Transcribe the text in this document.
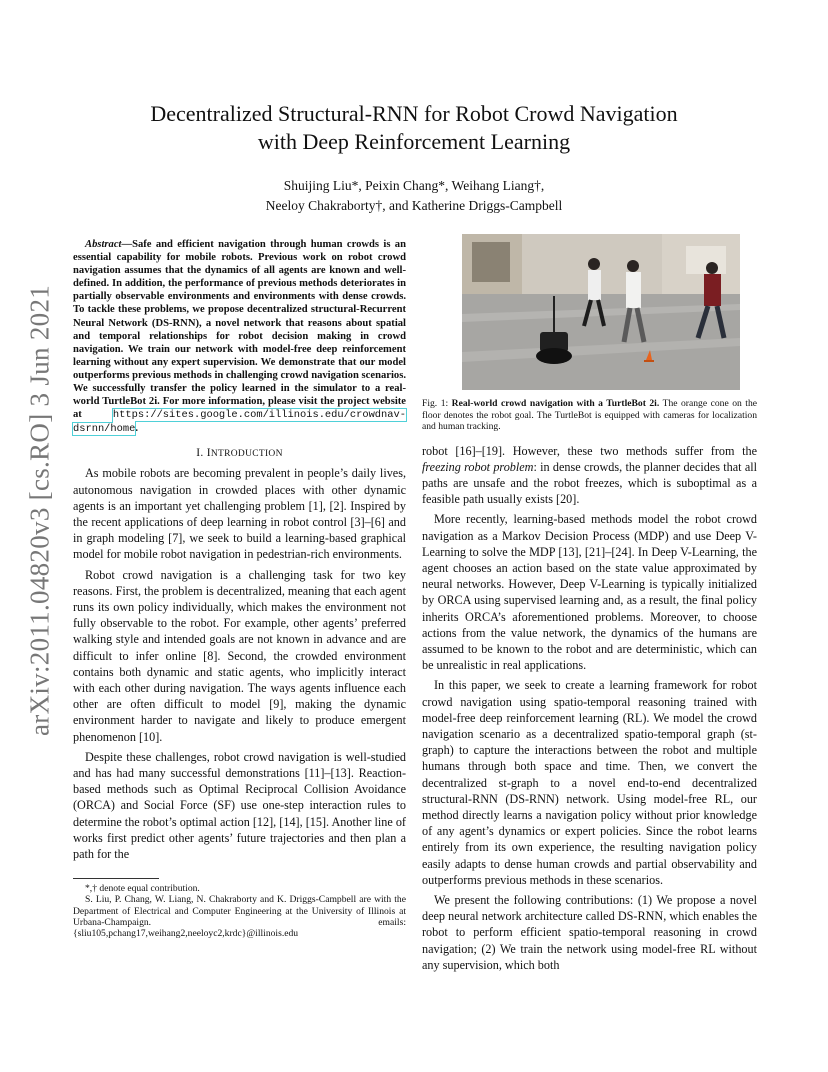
arXiv:2011.04820v3 [cs.RO] 3 Jun 2021
Decentralized Structural-RNN for Robot Crowd Navigation
with Deep Reinforcement Learning
Shuijing Liu*, Peixin Chang*, Weihang Liang†,
Neeloy Chakraborty†, and Katherine Driggs-Campbell

Abstract—Safe and efficient navigation through human crowds is an essential capability for mobile robots. Previous work on robot crowd navigation assumes that the dynamics of all agents are known and well-defined. In addition, the performance of previous methods deteriorates in partially observable environments and environments with dense crowds. To tackle these problems, we propose decentralized structural-Recurrent Neural Network (DS-RNN), a novel network that reasons about spatial and temporal relationships for robot decision making in crowd navigation. We train our network with model-free deep reinforcement learning without any expert supervision. We demonstrate that our model outperforms previous methods in challenging crowd navigation scenarios. We successfully transfer the policy learned in the simulator to a real-world TurtleBot 2i. For more information, please visit the project website at https://sites.google.com/illinois.edu/crowdnav-dsrnn/home.

I. INTRODUCTION

As mobile robots are becoming prevalent in people’s daily lives, autonomous navigation in crowded places with other dynamic agents is an important yet challenging problem [1], [2]. Inspired by the recent applications of deep learning in robot control [3]–[6] and in graph modeling [7], we seek to build a learning-based graphical model for mobile robot navigation in pedestrian-rich environments.

Robot crowd navigation is a challenging task for two key reasons. First, the problem is decentralized, meaning that each agent runs its own policy individually, which makes the environment not fully observable to the robot. For example, other agents’ preferred walking style and intended goals are not known in advance and are difficult to infer online [8]. Second, the crowded environment contains both dynamic and static agents, who implicitly interact with each other during navigation. The ways agents influence each other are often difficult to model [9], making the dynamic environment harder to navigate and likely to produce emergent phenomenon [10].

Despite these challenges, robot crowd navigation is well-studied and has had many successful demonstrations [11]–[13]. Reaction-based methods such as Optimal Reciprocal Collision Avoidance (ORCA) and Social Force (SF) use one-step interaction rules to determine the robot’s optimal action [12], [14], [15]. Another line of works first predict other agents’ future trajectories and then plan a path for the

*,† denote equal contribution.

S. Liu, P. Chang, W. Liang, N. Chakraborty and K. Driggs-Campbell are with the Department of Electrical and Computer Engineering at the University of Illinois at Urbana-Champaign. emails: {sliu105,pchang17,weihang2,neeloyc2,krdc}@illinois.edu

Fig. 1: Real-world crowd navigation with a TurtleBot 2i. The orange cone on the floor denotes the robot goal. The TurtleBot is equipped with cameras for localization and human tracking.

robot [16]–[19]. However, these two methods suffer from the freezing robot problem: in dense crowds, the planner decides that all paths are unsafe and the robot freezes, which is suboptimal as a feasible path usually exists [20].

More recently, learning-based methods model the robot crowd navigation as a Markov Decision Process (MDP) and use Deep V-Learning to solve the MDP [13], [21]–[24]. In Deep V-Learning, the agent chooses an action based on the state value approximated by neural networks. However, Deep V-Learning is typically initialized by ORCA using supervised learning and, as a result, the final policy inherits ORCA’s aforementioned problems. Moreover, to choose actions from the value network, the dynamics of the humans are assumed to be known to the robot and are deterministic, which can be unrealistic in real applications.

In this paper, we seek to create a learning framework for robot crowd navigation using spatio-temporal reasoning trained with model-free deep reinforcement learning (RL). We model the crowd navigation scenario as a decentralized spatio-temporal graph (st-graph) to capture the interactions between the robot and multiple humans through both space and time. Then, we convert the decentralized st-graph to a novel end-to-end decentralized structural-RNN (DS-RNN) network. Using model-free RL, our method directly learns a navigation policy without prior knowledge of any agent’s dynamics or expert policies. Since the robot learns entirely from its own experience, the resulting navigation policy easily adapts to dense human crowds and partial observability and outperforms previous methods in these scenarios.

We present the following contributions: (1) We propose a novel deep neural network architecture called DS-RNN, which enables the robot to perform efficient spatio-temporal reasoning in crowd navigation; (2) We train the network using model-free RL without any supervision, which both
